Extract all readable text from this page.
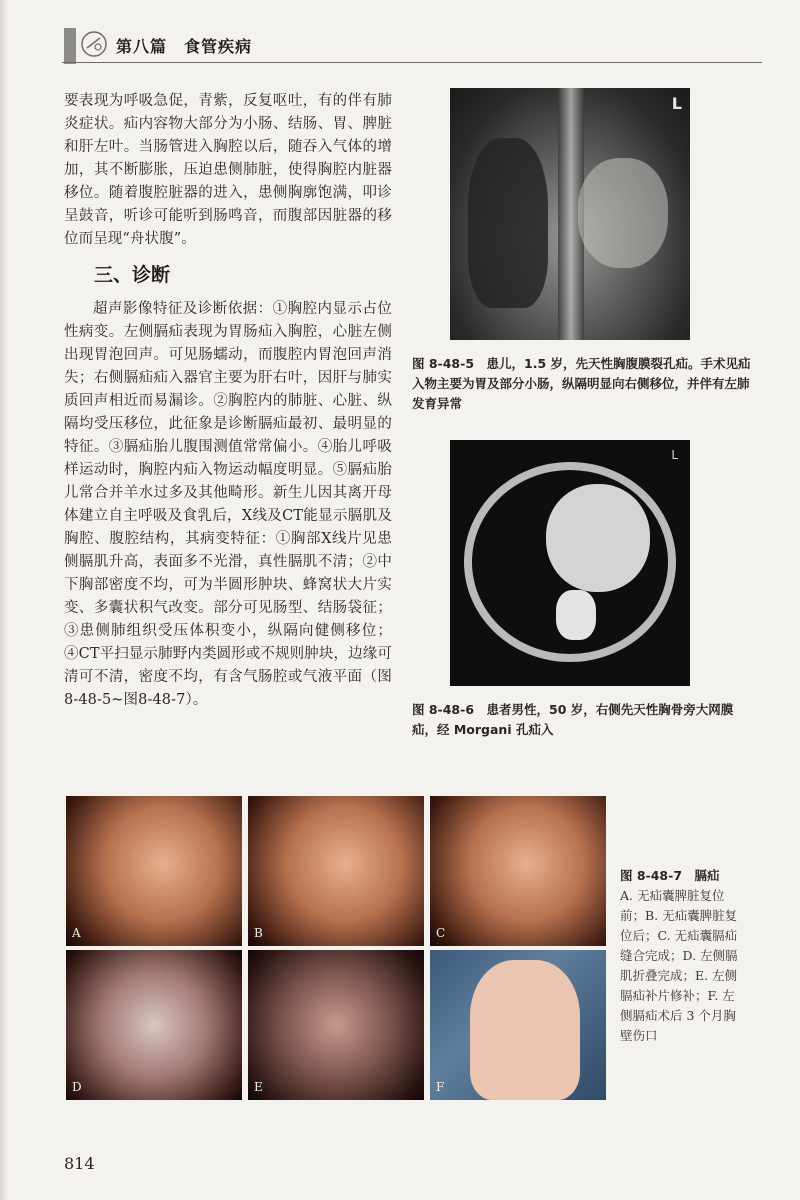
第八篇　食管疾病
要表现为呼吸急促，青紫，反复呕吐，有的伴有肺炎症状。疝内容物大部分为小肠、结肠、胃、脾脏和肝左叶。当肠管进入胸腔以后，随吞入气体的增加，其不断膨胀，压迫患侧肺脏，使得胸腔内脏器移位。随着腹腔脏器的进入，患侧胸廓饱满，叩诊呈鼓音，听诊可能听到肠鸣音，而腹部因脏器的移位而呈现“舟状腹”。
三、诊断
超声影像特征及诊断依据：①胸腔内显示占位性病变。左侧膈疝表现为胃肠疝入胸腔，心脏左侧出现胃泡回声。可见肠蠕动，而腹腔内胃泡回声消失；右侧膈疝疝入器官主要为肝右叶，因肝与肺实质回声相近而易漏诊。②胸腔内的肺脏、心脏、纵隔均受压移位，此征象是诊断膈疝最初、最明显的特征。③膈疝胎儿腹围测值常常偏小。④胎儿呼吸样运动时，胸腔内疝入物运动幅度明显。⑤膈疝胎儿常合并羊水过多及其他畸形。新生儿因其离开母体建立自主呼吸及食乳后，X线及CT能显示膈肌及胸腔、腹腔结构，其病变特征：①胸部X线片见患侧膈肌升高，表面多不光滑，真性膈肌不清；②中下胸部密度不均，可为半圆形肿块、蜂窝状大片实变、多囊状积气改变。部分可见肠型、结肠袋征；③患侧肺组织受压体积变小，纵隔向健侧移位；④CT平扫显示肺野内类圆形或不规则肿块，边缘可清可不清，密度不均，有含气肠腔或气液平面（图8-48-5~图8-48-7）。
L
图 8-48-5　患儿，1.5 岁，先天性胸腹膜裂孔疝。手术见疝入物主要为胃及部分小肠，纵隔明显向右侧移位，并伴有左肺发育异常
L
图 8-48-6　患者男性，50 岁，右侧先天性胸骨旁大网膜疝，经 Morgani 孔疝入
A	B	C
D	E	F
图 8-48-7　膈疝
A. 无疝囊脾脏复位前；B. 无疝囊脾脏复位后；C. 无疝囊膈疝缝合完成；D. 左侧膈肌折叠完成；E. 左侧膈疝补片修补；F. 左侧膈疝术后 3 个月胸壁伤口
814
